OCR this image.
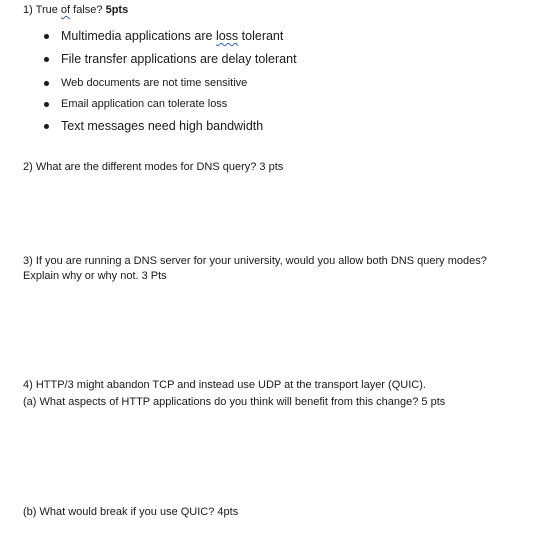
1) True of false? 5pts
Multimedia applications are loss tolerant
File transfer applications are delay tolerant
Web documents are not time sensitive
Email application can tolerate loss
Text messages need high bandwidth
2) What are the different modes for DNS query? 3 pts
3) If you are running a DNS server for your university, would you allow both DNS query modes?
Explain why or why not. 3 Pts
4) HTTP/3 might abandon TCP and instead use UDP at the transport layer (QUIC).
(a) What aspects of HTTP applications do you think will benefit from this change? 5 pts
(b) What would break if you use QUIC? 4pts
